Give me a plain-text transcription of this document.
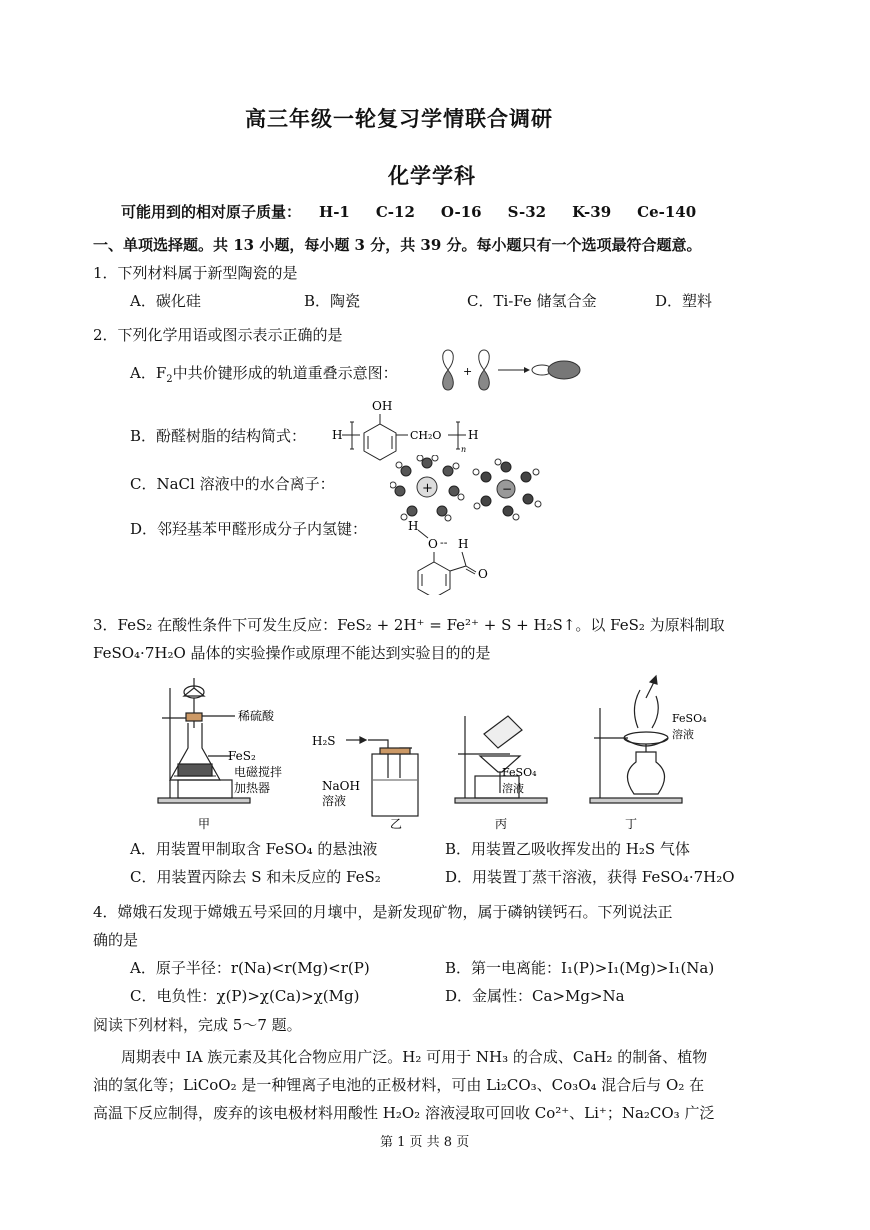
高三年级一轮复习学情联合调研
化学学科
可能用到的相对原子质量： H-1 C-12 O-16 S-32 K-39 Ce-140
一、单项选择题。共 13 小题，每小题 3 分，共 39 分。每小题只有一个选项最符合题意。
1．下列材料属于新型陶瓷的是
A．碳化硅	B．陶瓷	C．Ti-Fe 储氢合金	D．塑料
2．下列化学用语或图示表示正确的是
A．$F_2$中共价键形成的轨道重叠示意图：	+
B．酚醛树脂的结构简式：
OH
H	CH₂O
n
H
C．NaCl 溶液中的水合离子：	+	−
D．邻羟基苯甲醛形成分子内氢键：	H
O -- H
O
3．FeS₂ 在酸性条件下可发生反应：FeS₂ + 2H⁺ = Fe²⁺ + S + H₂S↑。以 FeS₂ 为原料制取
FeSO₄·7H₂O 晶体的实验操作或原理不能达到实验目的的是
稀硫酸
FeS₂
电磁搅拌
加热器
H₂S
NaOH
溶液
FeSO₄
溶液
FeSO₄
溶液
甲	乙	丙	丁
A．用装置甲制取含 FeSO₄ 的悬浊液	B．用装置乙吸收挥发出的 H₂S 气体
C．用装置丙除去 S 和未反应的 FeS₂	D．用装置丁蒸干溶液，获得 FeSO₄·7H₂O
4．嫦娥石发现于嫦娥五号采回的月壤中，是新发现矿物，属于磷钠镁钙石。下列说法正
确的是
A．原子半径：r(Na)<r(Mg)<r(P)	B．第一电离能：I₁(P)>I₁(Mg)>I₁(Na)
C．电负性：χ(P)>χ(Ca)>χ(Mg)	D．金属性：Ca>Mg>Na
阅读下列材料，完成 5～7 题。
周期表中 IA 族元素及其化合物应用广泛。H₂ 可用于 NH₃ 的合成、CaH₂ 的制备、植物
油的氢化等；LiCoO₂ 是一种锂离子电池的正极材料，可由 Li₂CO₃、Co₃O₄ 混合后与 O₂ 在
高温下反应制得，废弃的该电极材料用酸性 H₂O₂ 溶液浸取可回收 Co²⁺、Li⁺；Na₂CO₃ 广泛
第 1 页 共 8 页
